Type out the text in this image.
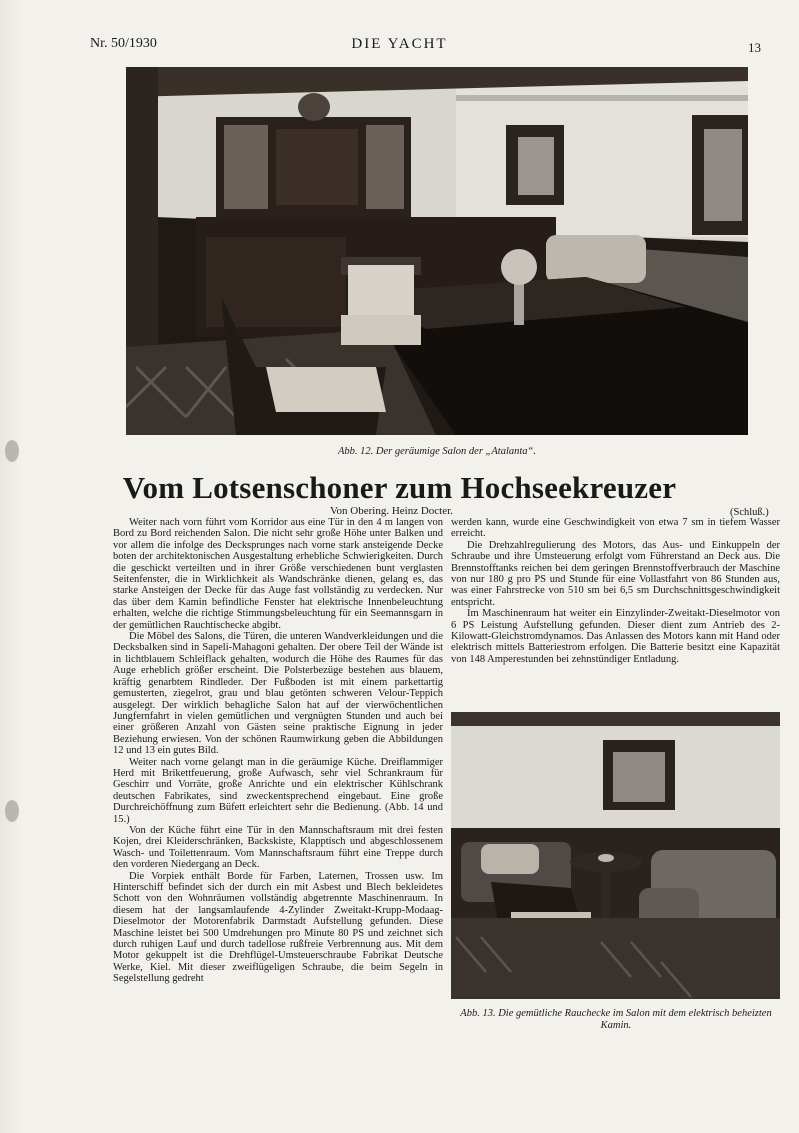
Nr. 50/1930	DIE YACHT	13
Abb. 12. Der geräumige Salon der „Atalanta“.
Vom Lotsenschoner zum Hochseekreuzer
Von Obering. Heinz Docter.	(Schluß.)

Weiter nach vorn führt vom Korridor aus eine Tür in den 4 m langen von Bord zu Bord reichenden Salon. Die nicht sehr große Höhe unter Balken und vor allem die infolge des Decksprunges nach vorne stark ansteigende Decke boten der architektonischen Ausgestaltung erhebliche Schwierigkeiten. Durch die geschickt verteilten und in ihrer Größe verschiedenen bunt verglasten Seitenfenster, die in Wirklichkeit als Wandschränke dienen, gelang es, das starke Ansteigen der Decke für das Auge fast vollständig zu verdecken. Nur das über dem Kamin befindliche Fenster hat elektrische Innenbeleuchtung erhalten, welche die richtige Stimmungsbeleuchtung für ein Seemannsgarn in der gemütlichen Rauchtischecke abgibt.

Die Möbel des Salons, die Türen, die unteren Wandverkleidungen und die Decksbalken sind in Sapeli-Mahagoni gehalten. Der obere Teil der Wände ist in lichtblauem Schleiflack gehalten, wodurch die Höhe des Raumes für das Auge erheblich größer erscheint. Die Polsterbezüge bestehen aus blauem, kräftig genarbtem Rindleder. Der Fußboden ist mit einem parkettartig gemusterten, ziegelrot, grau und blau getönten schweren Velour-Teppich ausgelegt. Der wirklich behagliche Salon hat auf der vierwöchentlichen Jungfernfahrt in vielen gemütlichen und vergnügten Stunden und auch bei einer größeren Anzahl von Gästen seine praktische Eignung in jeder Beziehung erwiesen. Von der schönen Raumwirkung geben die Abbildungen 12 und 13 ein gutes Bild.

Weiter nach vorne gelangt man in die geräumige Küche. Dreiflammiger Herd mit Brikettfeuerung, große Aufwasch, sehr viel Schrankraum für Geschirr und Vorräte, große Anrichte und ein elektrischer Kühlschrank deutschen Fabrikates, sind zweckentsprechend eingebaut. Eine große Durchreichöffnung zum Büfett erleichtert sehr die Bedienung. (Abb. 14 und 15.)

Von der Küche führt eine Tür in den Mannschaftsraum mit drei festen Kojen, drei Kleiderschränken, Backskiste, Klapptisch und abgeschlossenem Wasch- und Toilettenraum. Vom Mannschaftsraum führt eine Treppe durch den vorderen Niedergang an Deck.

Die Vorpiek enthält Borde für Farben, Laternen, Trossen usw. Im Hinterschiff befindet sich der durch ein mit Asbest und Blech bekleidetes Schott von den Wohnräumen vollständig abgetrennte Maschinenraum. In diesem hat der langsamlaufende 4-Zylinder Zweitakt-Krupp-Modaag-Dieselmotor der Motorenfabrik Darmstadt Aufstellung gefunden. Diese Maschine leistet bei 500 Umdrehungen pro Minute 80 PS und zeichnet sich durch ruhigen Lauf und durch tadellose rußfreie Verbrennung aus. Mit dem Motor gekuppelt ist die Drehflügel-Umsteuerschraube Fabrikat Deutsche Werke, Kiel. Mit dieser zweiflügeligen Schraube, die beim Segeln in Segelstellung gedreht

werden kann, wurde eine Geschwindigkeit von etwa 7 sm in tiefem Wasser erreicht.

Die Drehzahlregulierung des Motors, das Aus- und Einkuppeln der Schraube und ihre Umsteuerung erfolgt vom Führerstand an Deck aus. Die Brennstofftanks reichen bei dem geringen Brennstoffverbrauch der Maschine von nur 180 g pro PS und Stunde für eine Vollastfahrt von 86 Stunden aus, was einer Fahrstrecke von 510 sm bei 6,5 sm Durchschnittsgeschwindigkeit entspricht.

Im Maschinenraum hat weiter ein Einzylinder-Zweitakt-Dieselmotor von 6 PS Leistung Aufstellung gefunden. Dieser dient zum Antrieb des 2-Kilowatt-Gleichstromdynamos. Das Anlassen des Motors kann mit Hand oder elektrisch mittels Batteriestrom erfolgen. Die Batterie besitzt eine Kapazität von 148 Amperestunden bei zehnstündiger Entladung.

Abb. 13. Die gemütliche Rauchecke im Salon mit dem elektrisch beheizten Kamin.
